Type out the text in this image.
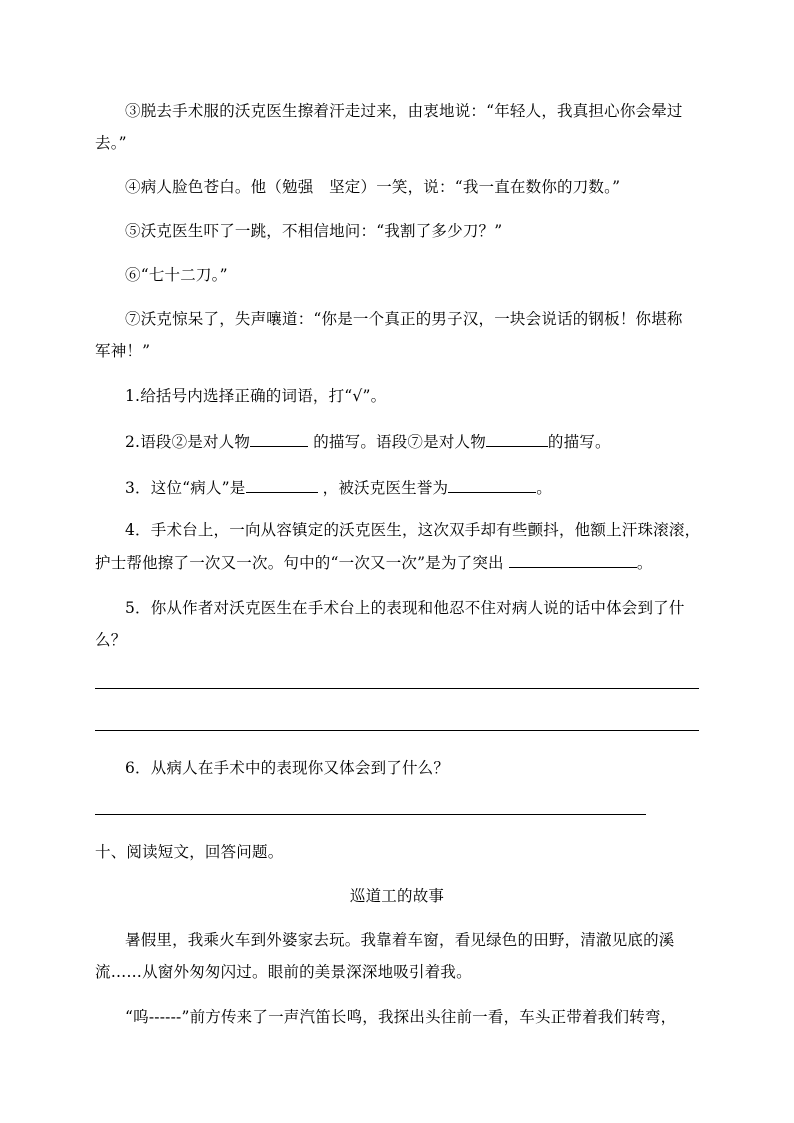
③脱去手术服的沃克医生擦着汗走过来，由衷地说：“年轻人，我真担心你会晕过
去。”
④病人脸色苍白。他（勉强　坚定）一笑，说：“我一直在数你的刀数。”
⑤沃克医生吓了一跳，不相信地问：“我割了多少刀？”
⑥“七十二刀。”
⑦沃克惊呆了，失声嚷道：“你是一个真正的男子汉，一块会说话的钢板！你堪称
军神！”
1.给括号内选择正确的词语，打“√”。
2.语段②是对人物	的描写。语段⑦是对人物	的描写。
3．这位“病人”是	，被沃克医生誉为	。
4．手术台上，一向从容镇定的沃克医生，这次双手却有些颤抖，他额上汗珠滚滚，
护士帮他擦了一次又一次。句中的“一次又一次”是为了突出	。
5．你从作者对沃克医生在手术台上的表现和他忍不住对病人说的话中体会到了什
么？
6．从病人在手术中的表现你又体会到了什么？
十、阅读短文，回答问题。
巡道工的故事
暑假里，我乘火车到外婆家去玩。我靠着车窗，看见绿色的田野，清澈见底的溪
流……从窗外匆匆闪过。眼前的美景深深地吸引着我。
“呜------”前方传来了一声汽笛长鸣，我探出头往前一看，车头正带着我们转弯，
